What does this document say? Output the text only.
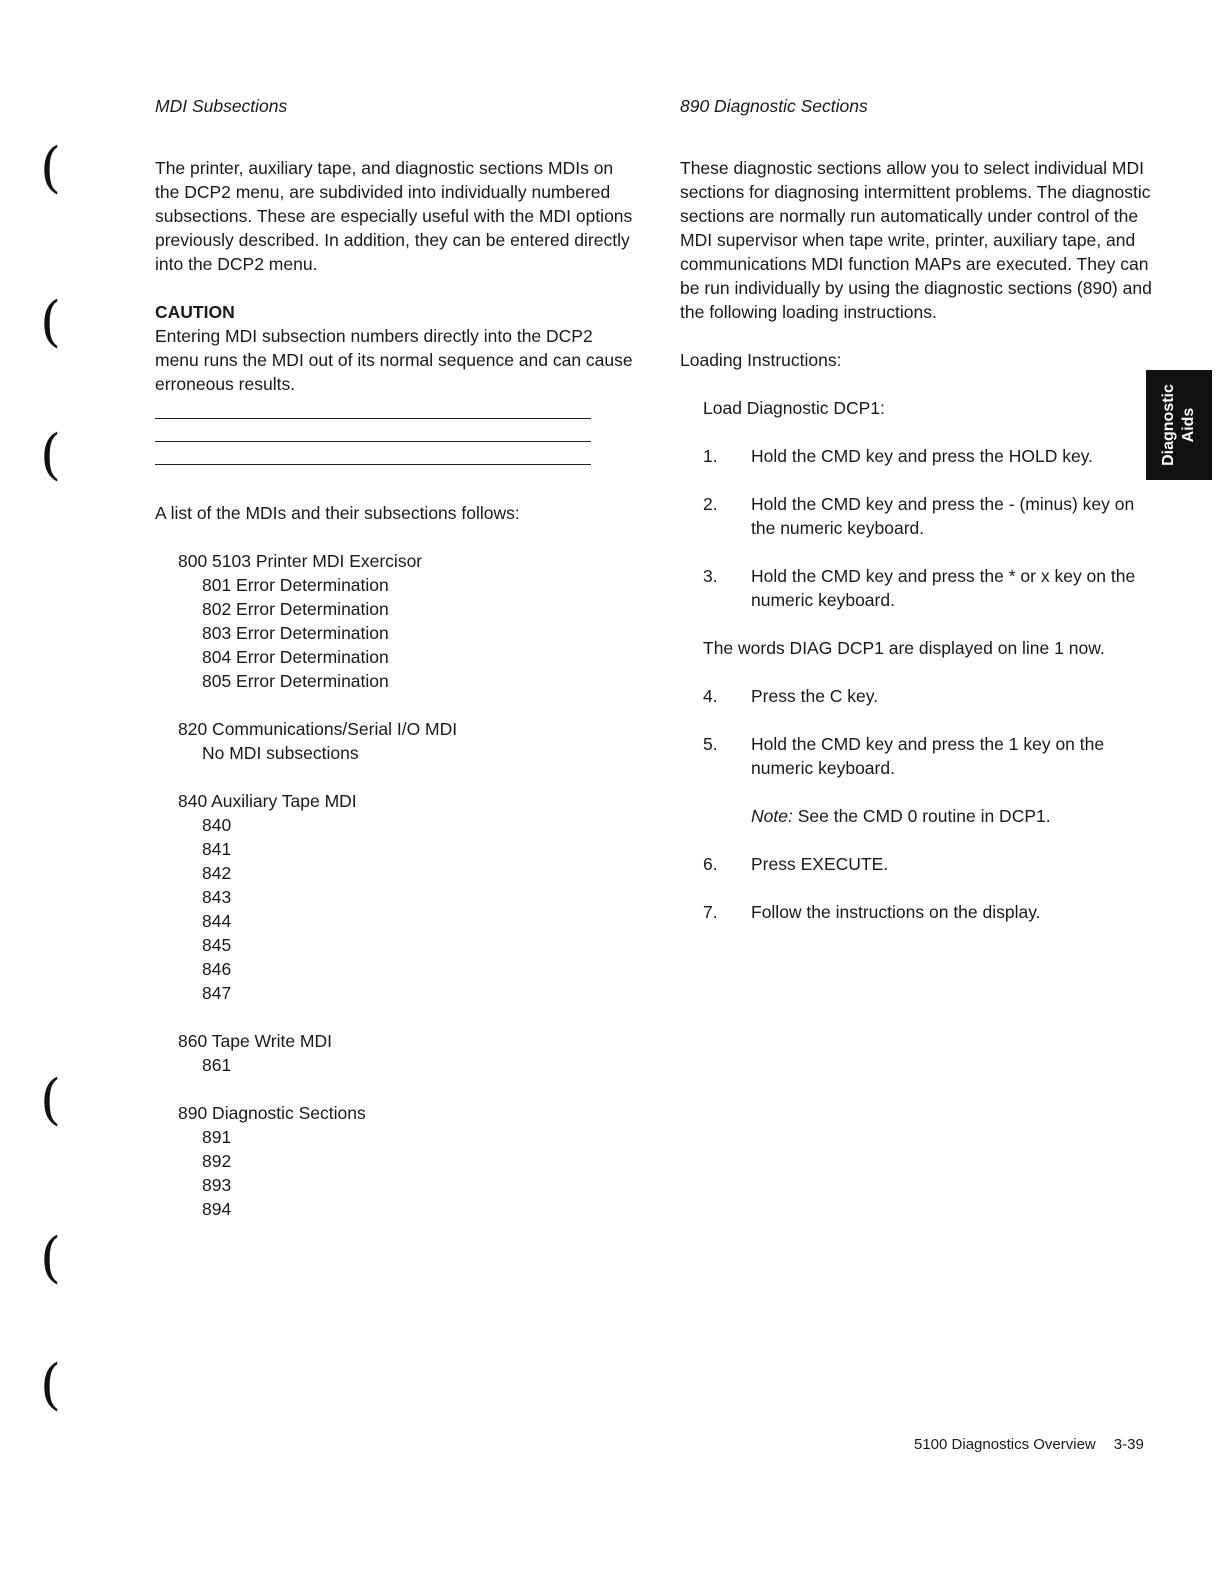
(
(
(
(
(
(

MDI Subsections

The printer, auxiliary tape, and diagnostic sections MDIs on the DCP2 menu, are subdivided into individually numbered subsections. These are especially useful with the MDI options previously described. In addition, they can be entered directly into the DCP2 menu.

CAUTION

Entering MDI subsection numbers directly into the DCP2 menu runs the MDI out of its normal sequence and can cause erroneous results.

A list of the MDIs and their subsections follows:

800 5103 Printer MDI Exercisor
801 Error Determination
802 Error Determination
803 Error Determination
804 Error Determination
805 Error Determination
820 Communications/Serial I/O MDI
No MDI subsections
840 Auxiliary Tape MDI
840
841
842
843
844
845
846
847
860 Tape Write MDI
861
890 Diagnostic Sections
891
892
893
894

890 Diagnostic Sections

These diagnostic sections allow you to select individual MDI sections for diagnosing intermittent problems. The diagnostic sections are normally run automatically under control of the MDI supervisor when tape write, printer, auxiliary tape, and communications MDI function MAPs are executed. They can be run individually by using the diagnostic sections (890) and the following loading instructions.

Loading Instructions:

Load Diagnostic DCP1:

1.	Hold the CMD key and press the HOLD key.
2.	Hold the CMD key and press the - (minus) key on the numeric keyboard.
3.	Hold the CMD key and press the * or x key on the numeric keyboard.

The words DIAG DCP1 are displayed on line 1 now.

4.	Press the C key.
5.	Hold the CMD key and press the 1 key on the numeric keyboard.

Note: See the CMD 0 routine in DCP1.

6.	Press EXECUTE.
7.	Follow the instructions on the display.
Diagnostic Aids
5100 Diagnostics Overview 3-39
